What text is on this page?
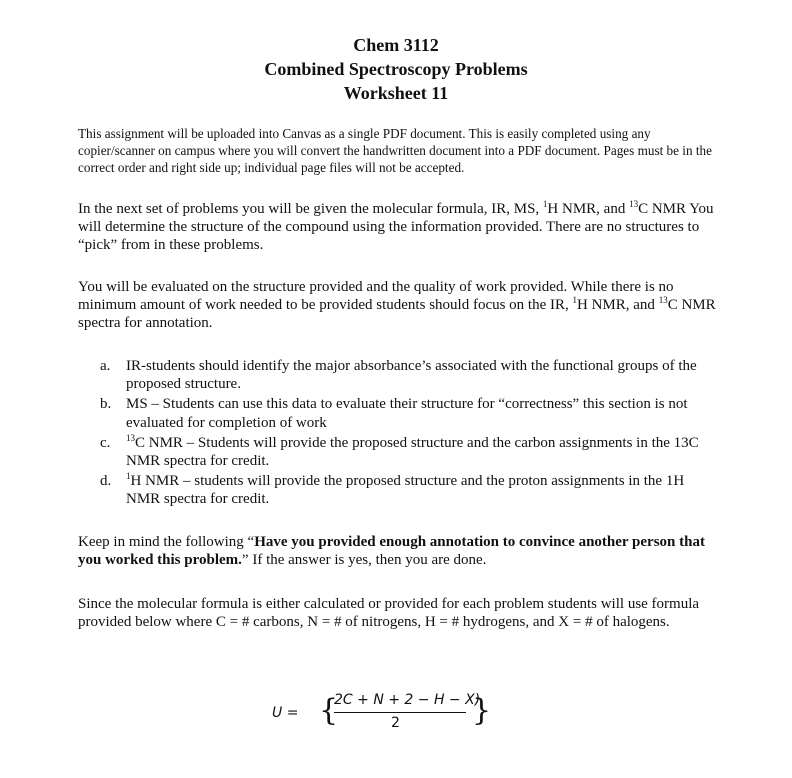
Chem 3112
Combined Spectroscopy Problems
Worksheet 11
This assignment will be uploaded into Canvas as a single PDF document. This is easily completed using any copier/scanner on campus where you will convert the handwritten document into a PDF document. Pages must be in the correct order and right side up; individual page files will not be accepted.
In the next set of problems you will be given the molecular formula, IR, MS, $^1$H NMR, and $^{13}$C NMR You will determine the structure of the compound using the information provided. There are no structures to “pick” from in these problems.
You will be evaluated on the structure provided and the quality of work provided. While there is no minimum amount of work needed to be provided students should focus on the IR, $^1$H NMR, and $^{13}$C NMR spectra for annotation.
a. IR-students should identify the major absorbance’s associated with the functional groups of the proposed structure.
b. MS – Students can use this data to evaluate their structure for “correctness” this section is not evaluated for completion of work
c. $^{13}$C NMR – Students will provide the proposed structure and the carbon assignments in the 13C NMR spectra for credit.
d. $^1$H NMR – students will provide the proposed structure and the proton assignments in the 1H NMR spectra for credit.
Keep in mind the following “Have you provided enough annotation to convince another person that you worked this problem.” If the answer is yes, then you are done.
Since the molecular formula is either calculated or provided for each problem students will use formula provided below where C = # carbons, N = # of nitrogens, H = # hydrogens, and X = # of halogens.
U = {
2C + N + 2 − H − X)
2 }
